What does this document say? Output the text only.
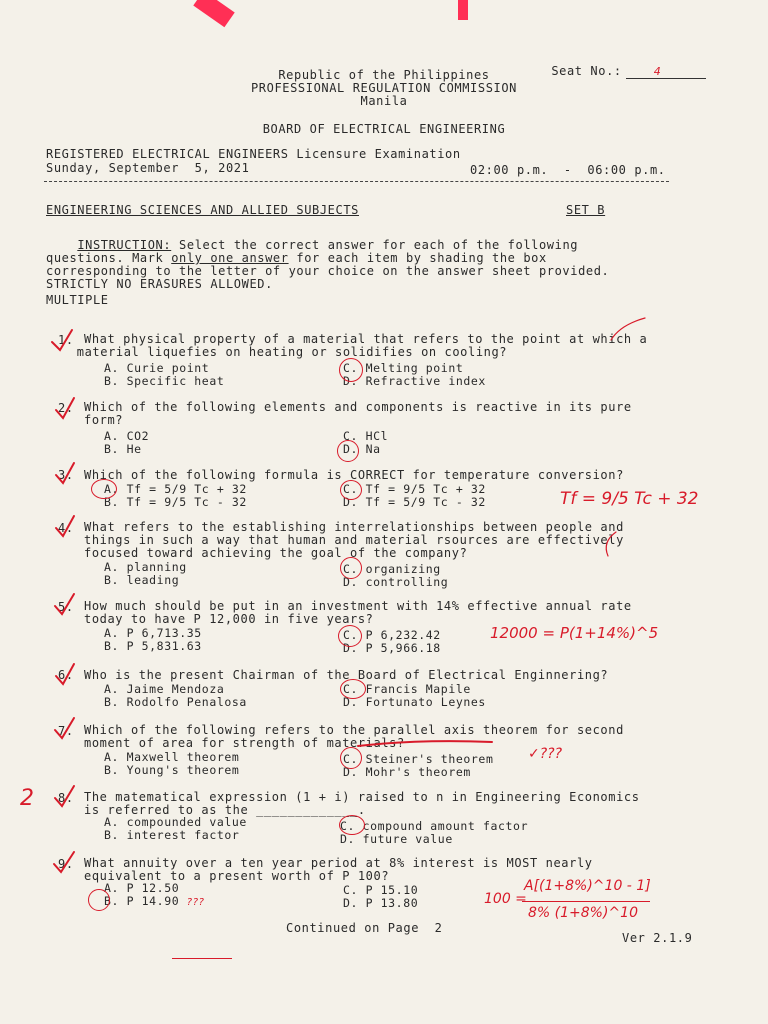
Seat No.:	4

Republic of the Philippines
PROFESSIONAL REGULATION COMMISSION
Manila
BOARD OF ELECTRICAL ENGINEERING
REGISTERED ELECTRICAL ENGINEERS Licensure Examination
Sunday, September  5, 2021	02:00 p.m.  -  06:00 p.m.
ENGINEERING SCIENCES AND ALLIED SUBJECTS	SET B

INSTRUCTION: Select the correct answer for each of the following
questions. Mark only one answer for each item by shading the box
corresponding to the letter of your choice on the answer sheet provided.
STRICTLY NO ERASURES ALLOWED.
MULTIPLE
1. What physical property of a material that refers to the point at which a
material liquefies on heating or solidifies on cooling?
A. Curie point
B. Specific heat
C. Melting point
D. Refractive index
2. Which of the following elements and components is reactive in its pure
form?
A. CO2
B. He
C. HCl
D. Na
3. Which of the following formula is CORRECT for temperature conversion?
A. Tf = 5/9 Tc + 32
B. Tf = 9/5 Tc - 32
C. Tf = 9/5 Tc + 32
D. Tf = 5/9 Tc - 32
4. What refers to the establishing interrelationships between people and
things in such a way that human and material rsources are effectively
focused toward achieving the goal of the company?
A. planning
B. leading
C. organizing
D. controlling
5. How much should be put in an investment with 14% effective annual rate
today to have P 12,000 in five years?
A. P 6,713.35
B. P 5,831.63
C. P 6,232.42
D. P 5,966.18
6. Who is the present Chairman of the Board of Electrical Enginnering?
A. Jaime Mendoza
B. Rodolfo Penalosa
C. Francis Mapile
D. Fortunato Leynes
7. Which of the following refers to the parallel axis theorem for second
moment of area for strength of materials?
A. Maxwell theorem
B. Young's theorem
C. Steiner's theorem
D. Mohr's theorem
8. The matematical expression (1 + i) raised to n in Engineering Economics
is referred to as the _____________.
A. compounded value
B. interest factor
C. compound amount factor
D. future value
9. What annuity over a ten year period at 8% interest is MOST nearly
equivalent to a present worth of P 100?
A. P 12.50
B. P 14.90 ???
C. P 15.10
D. P 13.80
Tf = 9/5 Tc + 32
12000 = P(1+14%)^5
✓???
2
100 =
A[(1+8%)^10 - 1]
8% (1+8%)^10
Continued on Page  2
Ver 2.1.9
